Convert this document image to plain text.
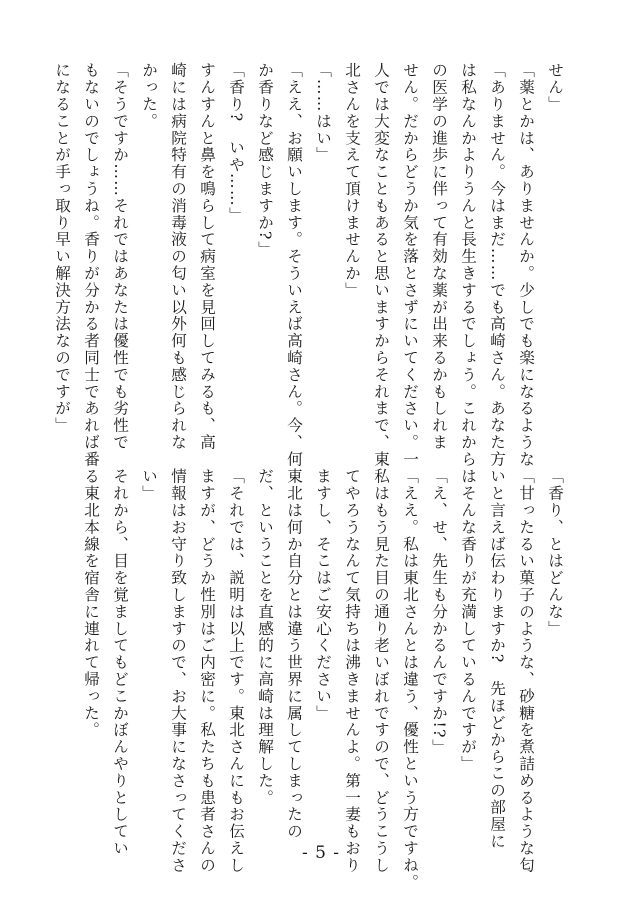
せん」

「薬とかは、ありませんか。少しでも楽になるような

「ありません。今はまだ……でも高崎さん。あなた方

は私なんかよりうんと長生きするでしょう。これから

の医学の進歩に伴って有効な薬が出来るかもしれま

せん。だからどうか気を落とさずにいてください。一

人では大変なこともあると思いますからそれまで、東

北さんを支えて頂けませんか」

「……はい」

「ええ、お願いします。そういえば高崎さん。今、何

か香りなど感じますか?」

「香り?　いや……」

すんすんと鼻を鳴らして病室を見回してみるも、高

崎には病院特有の消毒液の匂い以外何も感じられな

かった。

「そうですか……それではあなたは優性でも劣性で

もないのでしょうね。香りが分かる者同士であれば番

になることが手っ取り早い解決方法なのですが」

「香り、とはどんな」

「甘ったるい菓子のような、砂糖を煮詰めるような匂

いと言えば伝わりますか?　先ほどからこの部屋に

はそんな香りが充満しているんですが」

「え、せ、先生も分かるんですか!?」

「ええ。私は東北さんとは違う、優性という方ですね。

私はもう見た目の通り老いぼれですので、どうこうし

てやろうなんて気持ちは沸きませんよ。第一妻もおり

ますし、そこはご安心ください」

東北は何か自分とは違う世界に属してしまったの

だ、ということを直感的に高崎は理解した。

「それでは、説明は以上です。東北さんにもお伝えし

ますが、どうか性別はご内密に。私たちも患者さんの

情報はお守り致しますので、お大事になさってくださ

い」

それから、目を覚ましてもどこかぼんやりとしてい

る東北本線を宿舎に連れて帰った。

- 5 -
